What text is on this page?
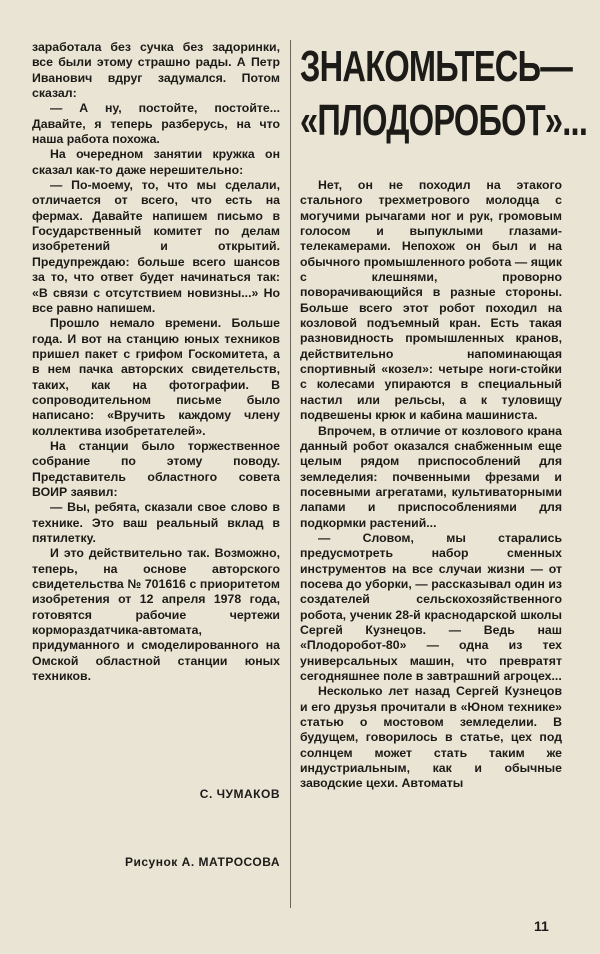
заработала без сучка без задоринки, все были этому страшно рады. А Петр Иванович вдруг задумался. Потом сказал:

— А ну, постойте, постойте... Давайте, я теперь разберусь, на что наша работа похожа.

На очередном занятии кружка он сказал как-то даже нерешительно:

— По-моему, то, что мы сделали, отличается от всего, что есть на фермах. Давайте напишем письмо в Государственный комитет по делам изобретений и открытий. Предупреждаю: больше всего шансов за то, что ответ будет начинаться так: «В связи с отсутствием новизны...» Но все равно напишем.

Прошло немало времени. Больше года. И вот на станцию юных техников пришел пакет с грифом Госкомитета, а в нем пачка авторских свидетельств, таких, как на фотографии. В сопроводительном письме было написано: «Вручить каждому члену коллектива изобретателей».

На станции было торжественное собрание по этому поводу. Представитель областного совета ВОИР заявил:

— Вы, ребята, сказали свое слово в технике. Это ваш реальный вклад в пятилетку.

И это действительно так. Возможно, теперь, на основе авторского свидетельства № 701616 с приоритетом изобретения от 12 апреля 1978 года, готовятся рабочие чертежи кормораздатчика-автомата, придуманного и смоделированного на Омской областной станции юных техников.

С. ЧУМАКОВ
Рисунок А. МАТРОСОВА
ЗНАКОМЬТЕСЬ—
«ПЛОДОРОБОТ»...

Нет, он не походил на этакого стального трехметрового молодца с могучими рычагами ног и рук, громовым голосом и выпуклыми глазами-телекамерами. Непохож он был и на обычного промышленного робота — ящик с клешнями, проворно поворачивающийся в разные стороны. Больше всего этот робот походил на козловой подъемный кран. Есть такая разновидность промышленных кранов, действительно напоминающая спортивный «козел»: четыре ноги-стойки с колесами упираются в специальный настил или рельсы, а к туловищу подвешены крюк и кабина машиниста.

Впрочем, в отличие от козлового крана данный робот оказался снабженным еще целым рядом приспособлений для земледелия: почвенными фрезами и посевными агрегатами, культиваторными лапами и приспособлениями для подкормки растений...

— Словом, мы старались предусмотреть набор сменных инструментов на все случаи жизни — от посева до уборки, — рассказывал один из создателей сельскохозяйственного робота, ученик 28-й краснодарской школы Сергей Кузнецов. — Ведь наш «Плодоробот-80» — одна из тех универсальных машин, что превратят сегодняшнее поле в завтрашний агроцех...

Несколько лет назад Сергей Кузнецов и его друзья прочитали в «Юном технике» статью о мостовом земледелии. В будущем, говорилось в статье, цех под солнцем может стать таким же индустриальным, как и обычные заводские цехи. Автоматы

11
